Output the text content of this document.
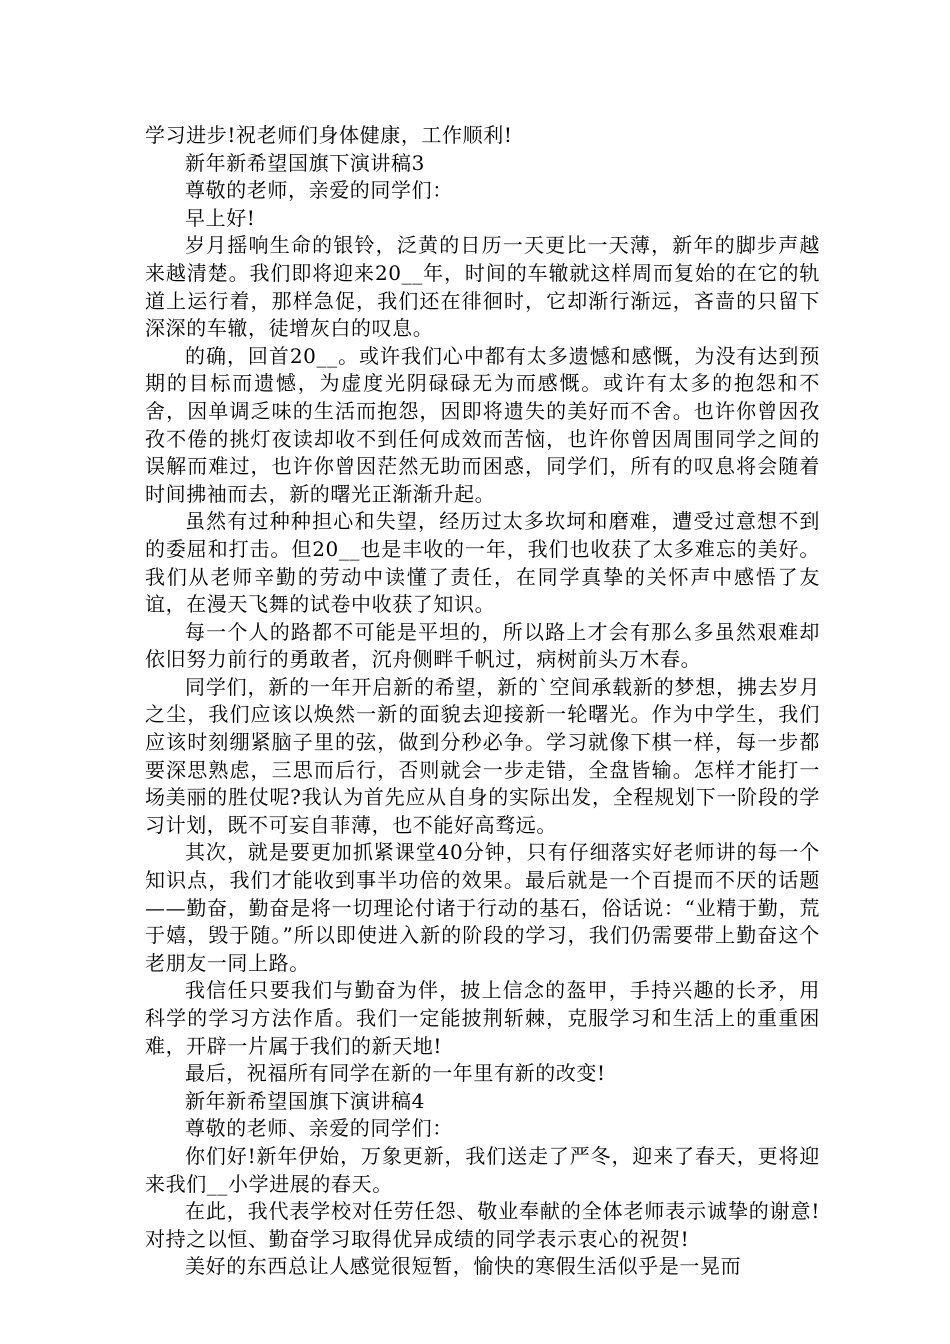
学习进步!祝老师们身体健康，工作顺利!

新年新希望国旗下演讲稿3

尊敬的老师，亲爱的同学们：

早上好!

岁月摇响生命的银铃，泛黄的日历一天更比一天薄，新年的脚步声越来越清楚。我们即将迎来20__年，时间的车辙就这样周而复始的在它的轨道上运行着，那样急促，我们还在徘徊时，它却渐行渐远，吝啬的只留下深深的车辙，徒增灰白的叹息。

的确，回首20__。或许我们心中都有太多遗憾和感慨，为没有达到预期的目标而遗憾，为虚度光阴碌碌无为而感慨。或许有太多的抱怨和不舍，因单调乏味的生活而抱怨，因即将遗失的美好而不舍。也许你曾因孜孜不倦的挑灯夜读却收不到任何成效而苦恼，也许你曾因周围同学之间的误解而难过，也许你曾因茫然无助而困惑，同学们，所有的叹息将会随着时间拂袖而去，新的曙光正渐渐升起。

虽然有过种种担心和失望，经历过太多坎坷和磨难，遭受过意想不到的委屈和打击。但20__也是丰收的一年，我们也收获了太多难忘的美好。我们从老师辛勤的劳动中读懂了责任，在同学真挚的关怀声中感悟了友谊，在漫天飞舞的试卷中收获了知识。

每一个人的路都不可能是平坦的，所以路上才会有那么多虽然艰难却依旧努力前行的勇敢者，沉舟侧畔千帆过，病树前头万木春。

同学们，新的一年开启新的希望，新的`空间承载新的梦想，拂去岁月之尘，我们应该以焕然一新的面貌去迎接新一轮曙光。作为中学生，我们应该时刻绷紧脑子里的弦，做到分秒必争。学习就像下棋一样，每一步都要深思熟虑，三思而后行，否则就会一步走错，全盘皆输。怎样才能打一场美丽的胜仗呢?我认为首先应从自身的实际出发，全程规划下一阶段的学习计划，既不可妄自菲薄，也不能好高骛远。

其次，就是要更加抓紧课堂40分钟，只有仔细落实好老师讲的每一个知识点，我们才能收到事半功倍的效果。最后就是一个百提而不厌的话题——勤奋，勤奋是将一切理论付诸于行动的基石，俗话说：“业精于勤，荒于嬉，毁于随。”所以即使进入新的阶段的学习，我们仍需要带上勤奋这个老朋友一同上路。

我信任只要我们与勤奋为伴，披上信念的盔甲，手持兴趣的长矛，用科学的学习方法作盾。我们一定能披荆斩棘，克服学习和生活上的重重困难，开辟一片属于我们的新天地!

最后，祝福所有同学在新的一年里有新的改变!

新年新希望国旗下演讲稿4

尊敬的老师、亲爱的同学们：

你们好!新年伊始，万象更新，我们送走了严冬，迎来了春天，更将迎来我们__小学进展的春天。

在此，我代表学校对任劳任怨、敬业奉献的全体老师表示诚挚的谢意!对持之以恒、勤奋学习取得优异成绩的同学表示衷心的祝贺!

美好的东西总让人感觉很短暂，愉快的寒假生活似乎是一晃而
